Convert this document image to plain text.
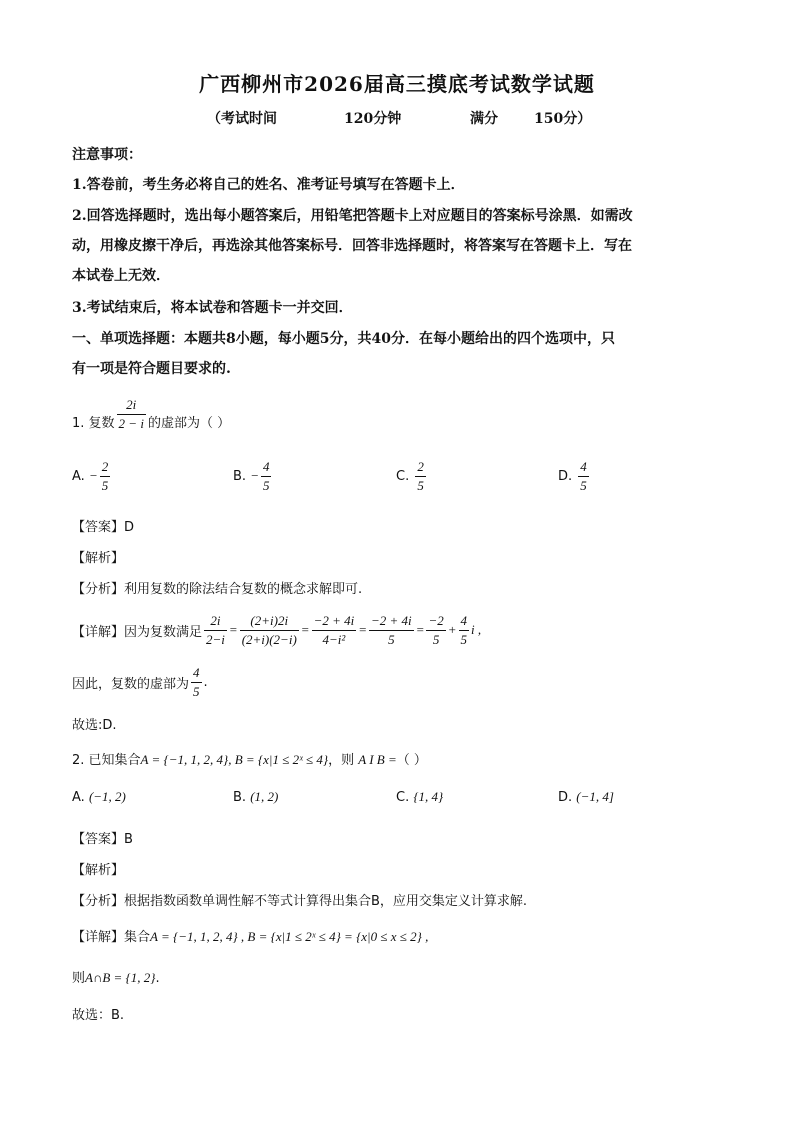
广西柳州市2026届高三摸底考试数学试题
（考试时间	120分钟	满分	150分）
注意事项：
1.答卷前，考生务必将自己的姓名、准考证号填写在答题卡上．
2.回答选择题时，选出每小题答案后，用铅笔把答题卡上对应题目的答案标号涂黑．如需改
动，用橡皮擦干净后，再选涂其他答案标号．回答非选择题时，将答案写在答题卡上．写在
本试卷上无效．
3.考试结束后，将本试卷和答题卡一并交回．
一、单项选择题：本题共8小题，每小题5分，共40分．在每小题给出的四个选项中，只
有一项是符合题目要求的.
1. 复数 $\frac{2i}{2 - i}$ 的虚部为（ ）
A. − $\frac{2}{5}$	B. − $\frac{4}{5}$	C. $\frac{2}{5}$	D. $\frac{4}{5}$
【答案】D
【解析】
【分析】利用复数的除法结合复数的概念求解即可.
【详解】因为复数满足 $\frac{2i}{2-i} = \frac{(2+i)2i}{(2+i)(2-i)} = \frac{-2 + 4i}{\text{4−i²}} = \frac{-2 + 4i}{5} = \frac{-2}{5} + \frac{4}{5}$ i ,
因此，复数的虚部为 $\frac{4}{5}$ .
故选:D.
2. 已知集合A = {−1, 1, 2, 4}, B = {x|1 ≤ 2ˣ ≤ 4}，则 A I B =（ ）
A. (−1, 2)	B. (1, 2)	C. {1, 4}	D. (−1, 4]
【答案】B
【解析】
【分析】根据指数函数单调性解不等式计算得出集合B，应用交集定义计算求解.
【详解】集合A = {−1, 1, 2, 4} , B = {x|1 ≤ 2ˣ ≤ 4} = {x|0 ≤ x ≤ 2} ,
则A∩B = {1, 2}.
故选：B.
